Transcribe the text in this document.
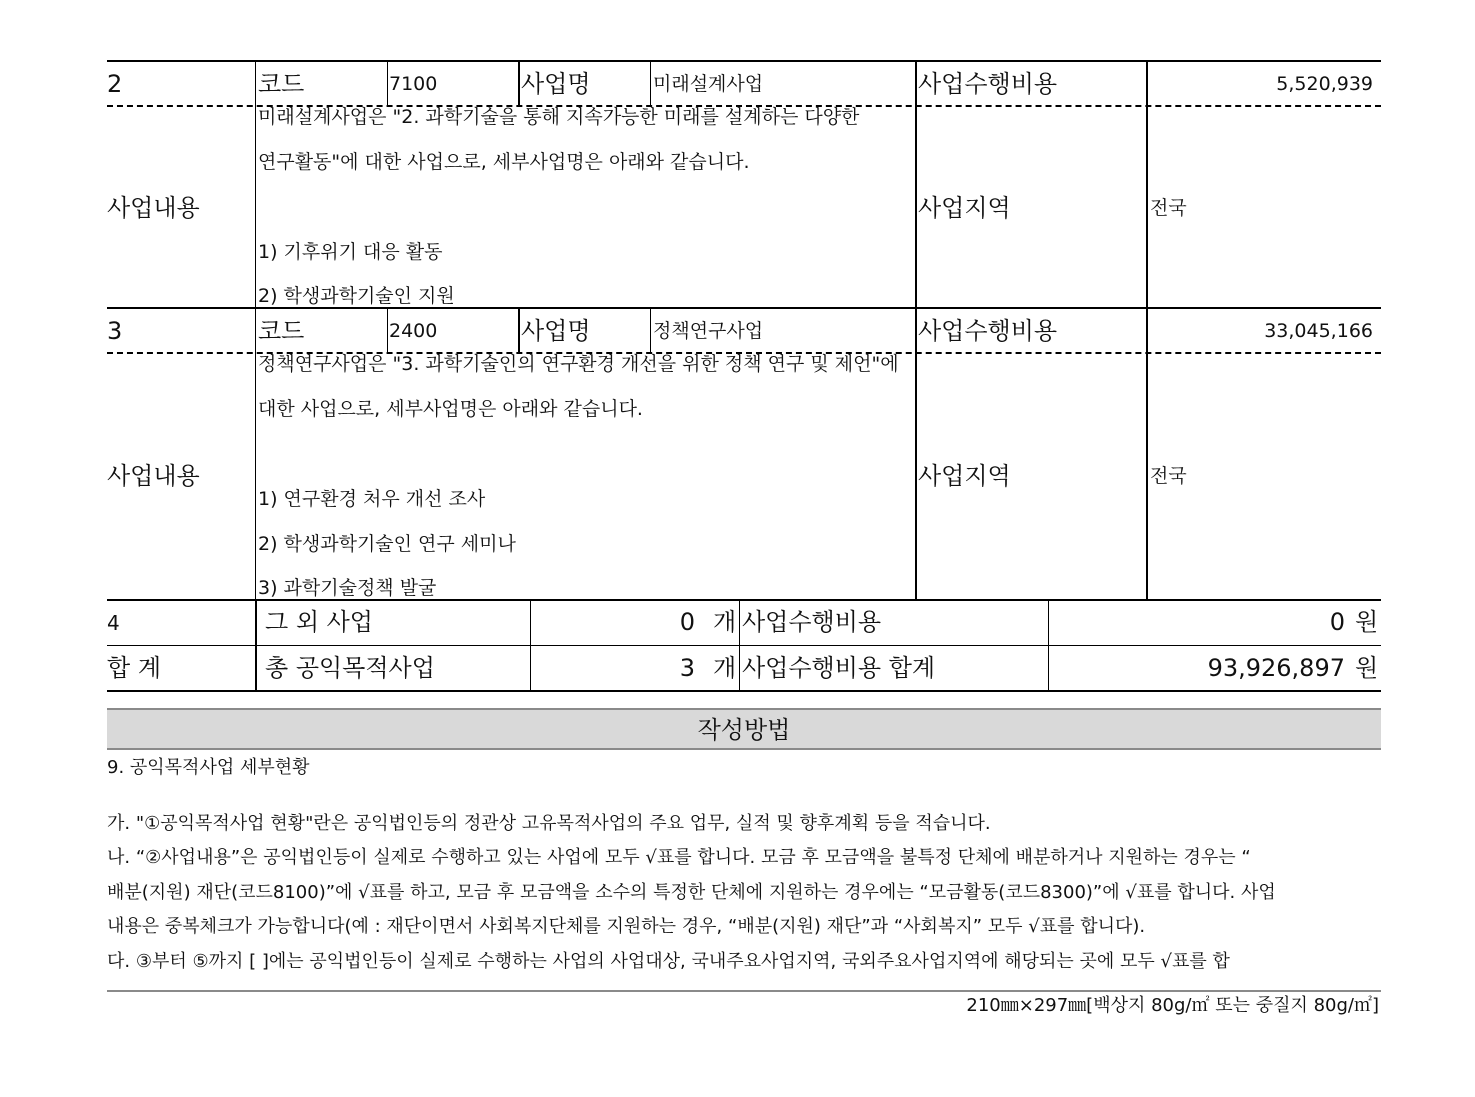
2	코드	7100	사업명	미래설계사업	사업수행비용	5,520,939
사업내용
미래설계사업은 "2. 과학기술을 통해 지속가능한 미래를 설계하는 다양한
연구활동"에 대한 사업으로, 세부사업명은 아래와 같습니다.
1) 기후위기 대응 활동
2) 학생과학기술인 지원
사업지역	전국
3	코드	2400	사업명	정책연구사업	사업수행비용	33,045,166
사업내용
정책연구사업은 "3. 과학기술인의 연구환경 개선을 위한 정책 연구 및 제언"에
대한 사업으로, 세부사업명은 아래와 같습니다.
1) 연구환경 처우 개선 조사
2) 학생과학기술인 연구 세미나
3) 과학기술정책 발굴
사업지역	전국
4	그 외 사업	0 개 사업수행비용	0 원
합 계	총 공익목적사업	3 개 사업수행비용 합계	93,926,897 원
작성방법
9. 공익목적사업 세부현황
가. "①공익목적사업 현황"란은 공익법인등의 정관상 고유목적사업의 주요 업무, 실적 및 향후계획 등을 적습니다.
나. “②사업내용”은 공익법인등이 실제로 수행하고 있는 사업에 모두 √표를 합니다. 모금 후 모금액을 불특정 단체에 배분하거나 지원하는 경우는 “
배분(지원) 재단(코드8100)”에 √표를 하고, 모금 후 모금액을 소수의 특정한 단체에 지원하는 경우에는 “모금활동(코드8300)”에 √표를 합니다. 사업
내용은 중복체크가 가능합니다(예 : 재단이면서 사회복지단체를 지원하는 경우, “배분(지원) 재단”과 “사회복지” 모두 √표를 합니다).
다. ③부터 ⑤까지 [ ]에는 공익법인등이 실제로 수행하는 사업의 사업대상, 국내주요사업지역, 국외주요사업지역에 해당되는 곳에 모두 √표를 합
210㎜×297㎜[백상지 80g/㎡ 또는 중질지 80g/㎡]
